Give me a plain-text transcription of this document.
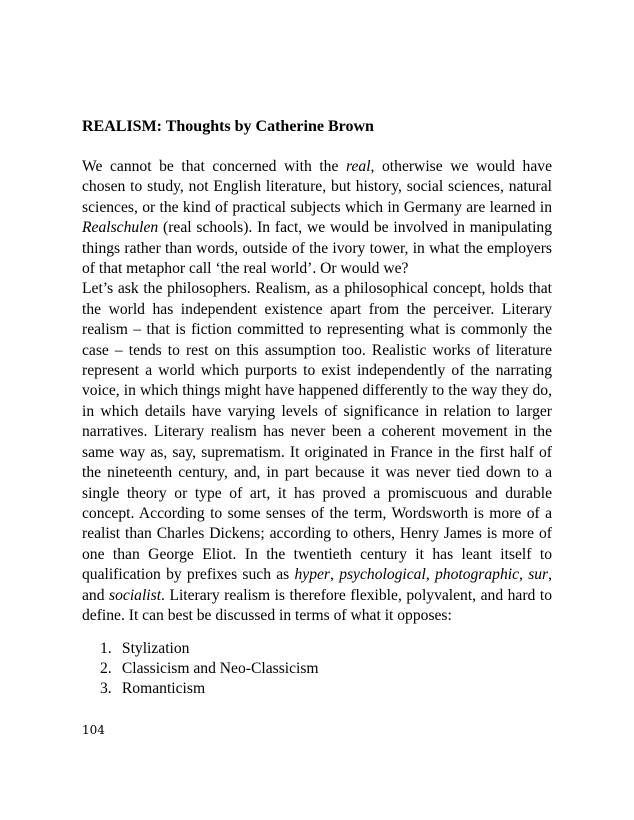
REALISM: Thoughts by Catherine Brown

We cannot be that concerned with the real, otherwise we would have chosen to study, not English literature, but history, social sciences, natural sciences, or the kind of practical subjects which in Germany are learned in Realschulen (real schools). In fact, we would be involved in manipulating things rather than words, outside of the ivory tower, in what the employers of that metaphor call ‘the real world’. Or would we?

Let’s ask the philosophers. Realism, as a philosophical concept, holds that the world has independent existence apart from the perceiver. Literary realism – that is fiction committed to representing what is commonly the case – tends to rest on this assumption too. Realistic works of literature represent a world which purports to exist independently of the narrating voice, in which things might have happened differently to the way they do, in which details have varying levels of significance in relation to larger narratives. Literary realism has never been a coherent movement in the same way as, say, suprematism. It originated in France in the first half of the nineteenth century, and, in part because it was never tied down to a single theory or type of art, it has proved a promiscuous and durable concept. According to some senses of the term, Wordsworth is more of a realist than Charles Dickens; according to others, Henry James is more of one than George Eliot. In the twentieth century it has leant itself to qualification by prefixes such as hyper, psychological, photographic, sur, and socialist. Literary realism is therefore flexible, polyvalent, and hard to define. It can best be discussed in terms of what it opposes:

1. Stylization
2. Classicism and Neo-Classicism
3. Romanticism
104
